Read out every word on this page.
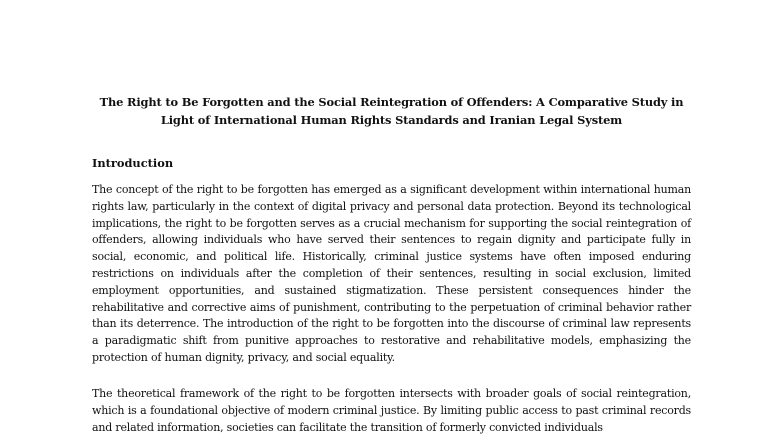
The Right to Be Forgotten and the Social Reintegration of Offenders: A Comparative Study in
Light of International Human Rights Standards and Iranian Legal System
Introduction

The concept of the right to be forgotten has emerged as a significant development within international human rights law, particularly in the context of digital privacy and personal data protection. Beyond its technological implications, the right to be forgotten serves as a crucial mechanism for supporting the social reintegration of offenders, allowing individuals who have served their sentences to regain dignity and participate fully in social, economic, and political life. Historically, criminal justice systems have often imposed enduring restrictions on individuals after the completion of their sentences, resulting in social exclusion, limited employment opportunities, and sustained stigmatization. These persistent consequences hinder the rehabilitative and corrective aims of punishment, contributing to the perpetuation of criminal behavior rather than its deterrence. The introduction of the right to be forgotten into the discourse of criminal law represents a paradigmatic shift from punitive approaches to restorative and rehabilitative models, emphasizing the protection of human dignity, privacy, and social equality.

The theoretical framework of the right to be forgotten intersects with broader goals of social reintegration, which is a foundational objective of modern criminal justice. By limiting public access to past criminal records and related information, societies can facilitate the transition of formerly convicted individuals
